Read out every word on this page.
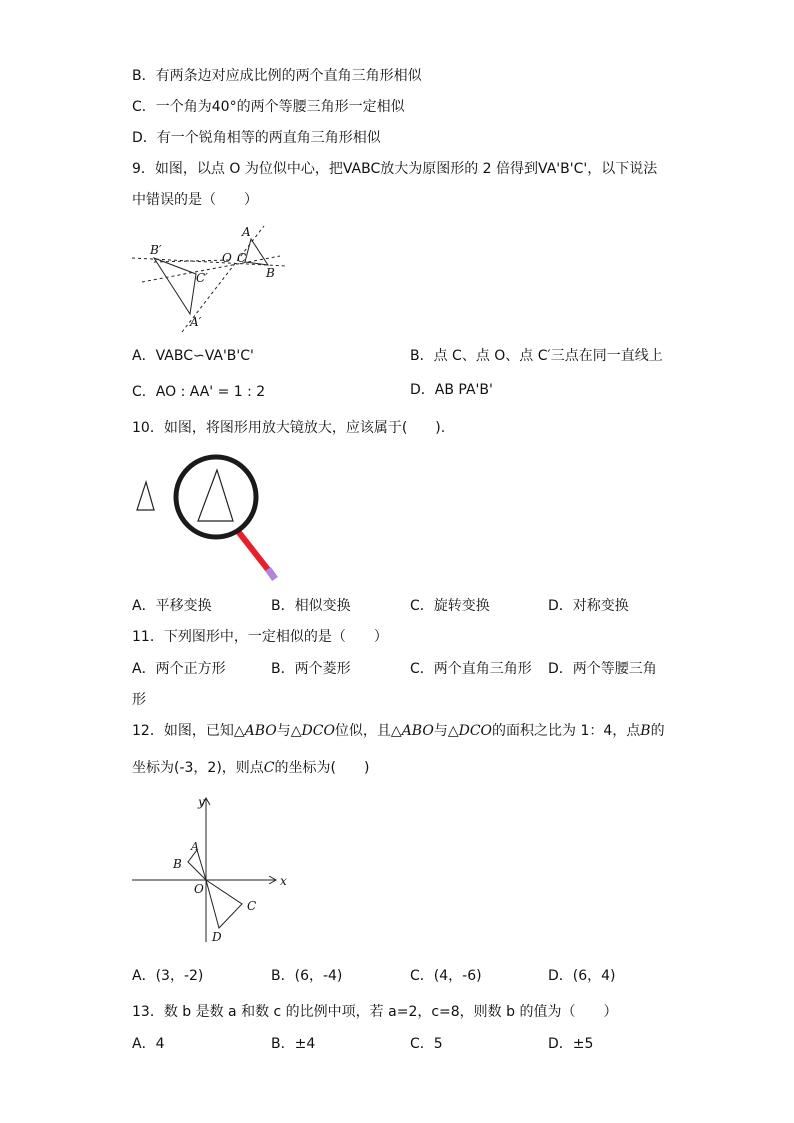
B．有两条边对应成比例的两个直角三角形相似
C．一个角为40°的两个等腰三角形一定相似
D．有一个锐角相等的两直角三角形相似
9．如图，以点 O 为位似中心，把VABC放大为原图形的 2 倍得到VA'B'C'，以下说法
中错误的是（　　）
B′
C′
A′
O C
A
B
A．VABC∽VA'B'C'	B．点 C、点 O、点 C′三点在同一直线上
C．AO : AA' = 1 : 2	D．AB PA'B'
10．如图，将图形用放大镜放大，应该属于(　　).
A．平移变换	B．相似变换	C．旋转变换	D．对称变换
11．下列图形中，一定相似的是（　　）
A．两个正方形	B．两个菱形	C．两个直角三角形 D．两个等腰三角
形
12．如图，已知△ABO与△DCO位似，且△ABO与△DCO的面积之比为 1：4，点B的
坐标为(-3，2)，则点C的坐标为(　　)
x
y
O
A
B
C
D
A．(3，-2)	B．(6，-4)	C．(4，-6)	D．(6，4)
13．数 b 是数 a 和数 c 的比例中项，若 a=2，c=8，则数 b 的值为（　　）
A．4	B．±4	C．5	D．±5
